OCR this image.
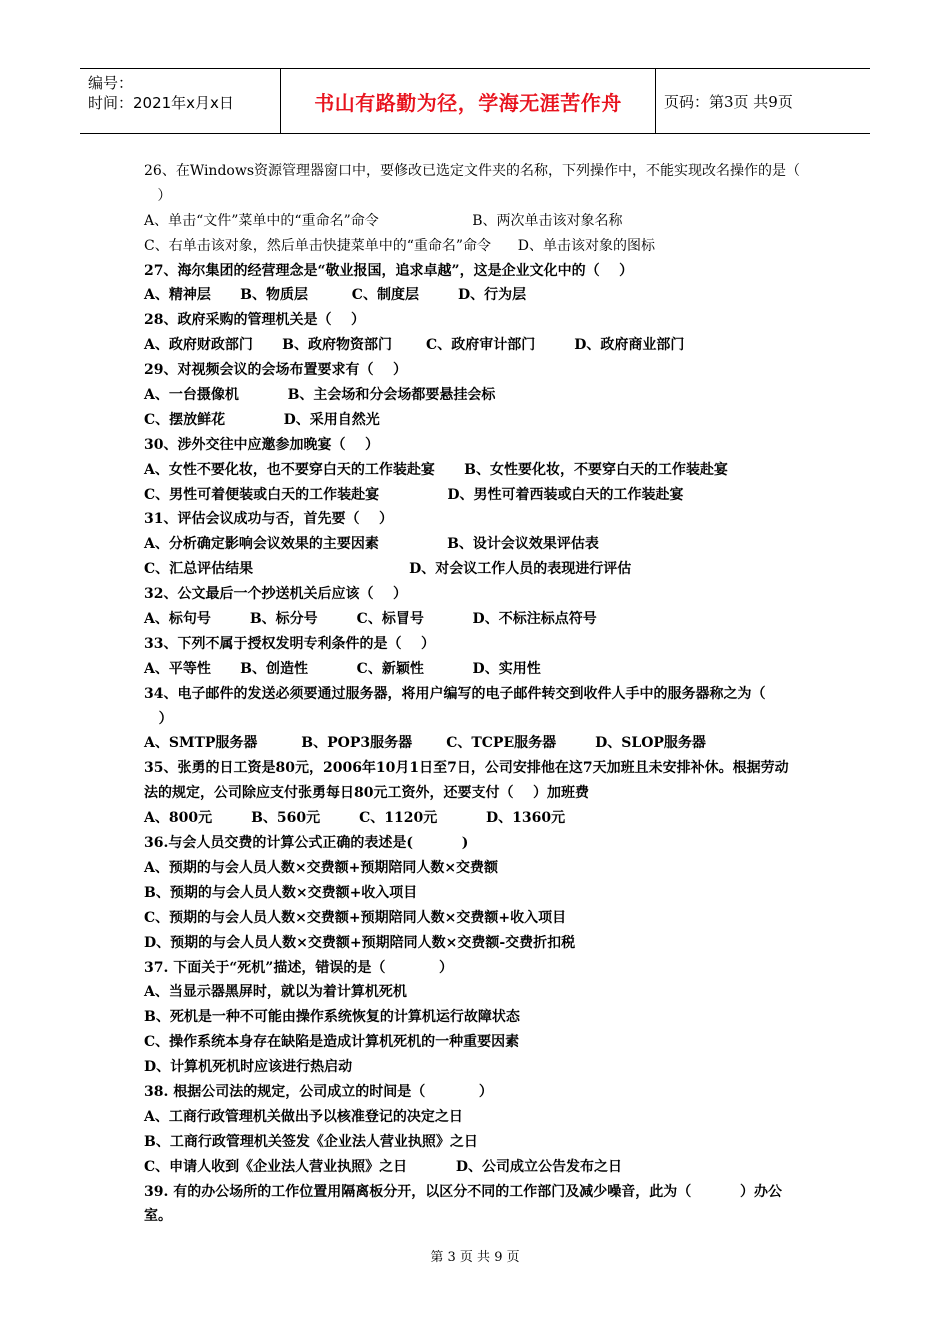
编号：
时间：2021年x月x日	书山有路勤为径，学海无涯苦作舟	页码：第3页 共9页
26、在Windows资源管理器窗口中，要修改已选定文件夹的名称，下列操作中，不能实现改名操作的是（
）
A、单击“文件”菜单中的“重命名”命令                     B、两次单击该对象名称
C、右单击该对象，然后单击快捷菜单中的“重命名”命令      D、单击该对象的图标
27、海尔集团的经营理念是“敬业报国，追求卓越”，这是企业文化中的（    ）
A、精神层      B、物质层         C、制度层        D、行为层
28、政府采购的管理机关是（    ）
A、政府财政部门      B、政府物资部门       C、政府审计部门        D、政府商业部门
29、对视频会议的会场布置要求有（    ）
A、一台摄像机          B、主会场和分会场都要悬挂会标
C、摆放鲜花            D、采用自然光
30、涉外交往中应邀参加晚宴（    ）
A、女性不要化妆，也不要穿白天的工作装赴宴      B、女性要化妆，不要穿白天的工作装赴宴
C、男性可着便装或白天的工作装赴宴              D、男性可着西装或白天的工作装赴宴
31、评估会议成功与否，首先要（    ）
A、分析确定影响会议效果的主要因素              B、设计会议效果评估表
C、汇总评估结果                                D、对会议工作人员的表现进行评估
32、公文最后一个抄送机关后应该（    ）
A、标句号        B、标分号        C、标冒号          D、不标注标点符号
33、下列不属于授权发明专利条件的是（    ）
A、平等性      B、创造性          C、新颖性          D、实用性
34、电子邮件的发送必须要通过服务器，将用户编写的电子邮件转交到收件人手中的服务器称之为（
）
A、SMTP服务器         B、POP3服务器       C、TCPE服务器        D、SLOP服务器
35、张勇的日工资是80元，2006年10月1日至7日，公司安排他在这7天加班且未安排补休。根据劳动
法的规定，公司除应支付张勇每日80元工资外，还要支付（    ）加班费
A、800元        B、560元        C、1120元          D、1360元
36.与会人员交费的计算公式正确的表述是(          )
A、预期的与会人员人数×交费额+预期陪同人数×交费额
B、预期的与会人员人数×交费额+收入项目
C、预期的与会人员人数×交费额+预期陪同人数×交费额+收入项目
D、预期的与会人员人数×交费额+预期陪同人数×交费额-交费折扣税
37. 下面关于“死机”描述，错误的是（           ）
A、当显示器黑屏时，就以为着计算机死机
B、死机是一种不可能由操作系统恢复的计算机运行故障状态
C、操作系统本身存在缺陷是造成计算机死机的一种重要因素
D、计算机死机时应该进行热启动
38. 根据公司法的规定，公司成立的时间是（           ）
A、工商行政管理机关做出予以核准登记的决定之日
B、工商行政管理机关签发《企业法人营业执照》之日
C、申请人收到《企业法人营业执照》之日          D、公司成立公告发布之日
39. 有的办公场所的工作位置用隔离板分开，以区分不同的工作部门及减少噪音，此为（          ）办公
室。
第 3 页 共 9 页
